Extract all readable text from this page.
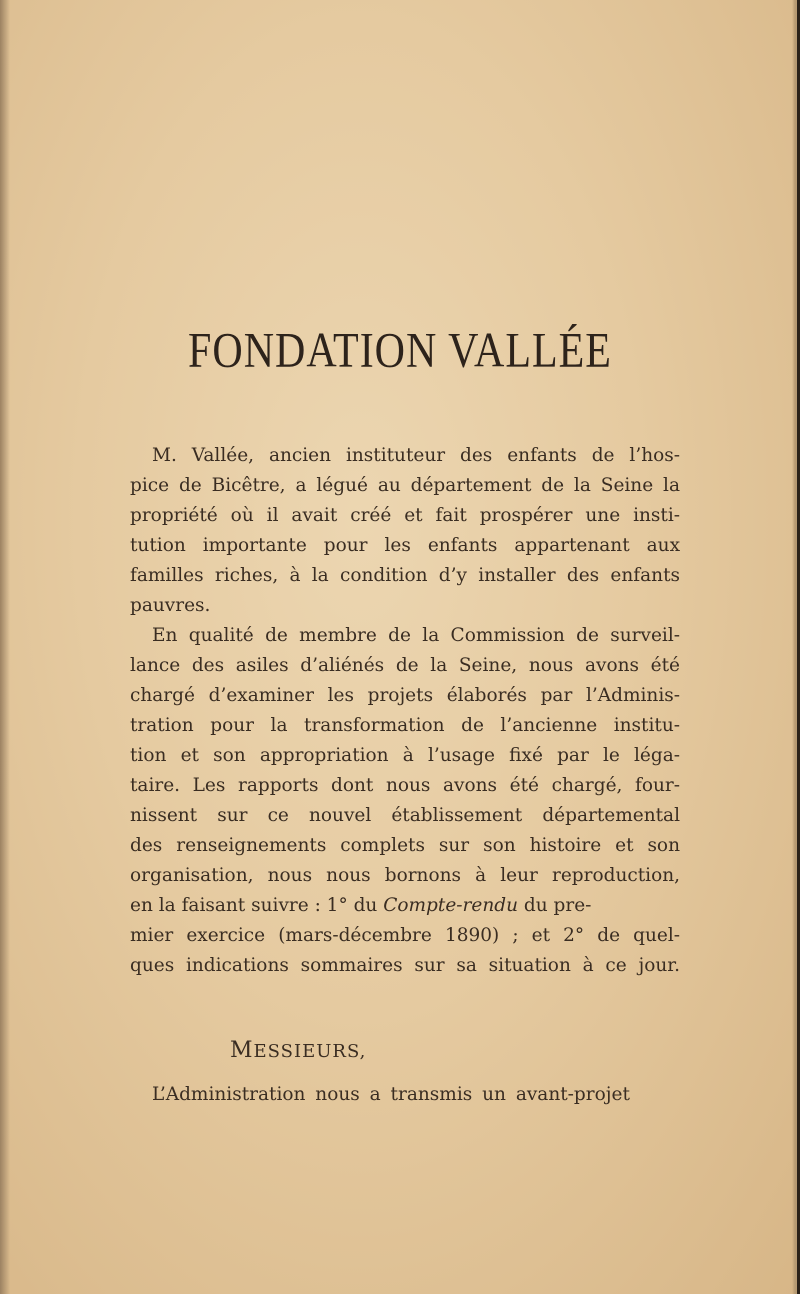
FONDATION VALLÉE
M. Vallée, ancien instituteur des enfants de l’hos-
pice de Bicêtre, a légué au département de la Seine la
propriété où il avait créé et fait prospérer une insti-
tution importante pour les enfants appartenant aux
familles riches, à la condition d’y installer des enfants
pauvres.
En qualité de membre de la Commission de surveil-
lance des asiles d’aliénés de la Seine, nous avons été
chargé d’examiner les projets élaborés par l’Adminis-
tration pour la transformation de l’ancienne institu-
tion et son appropriation à l’usage fixé par le léga-
taire. Les rapports dont nous avons été chargé, four-
nissent sur ce nouvel établissement départemental
des renseignements complets sur son histoire et son
organisation, nous nous bornons à leur reproduction,
en la faisant suivre : 1° du Compte-rendu du pre-
mier exercice (mars-décembre 1890) ; et 2° de quel-
ques indications sommaires sur sa situation à ce jour.
MESSIEURS,
L’Administration nous a transmis un avant-projet
